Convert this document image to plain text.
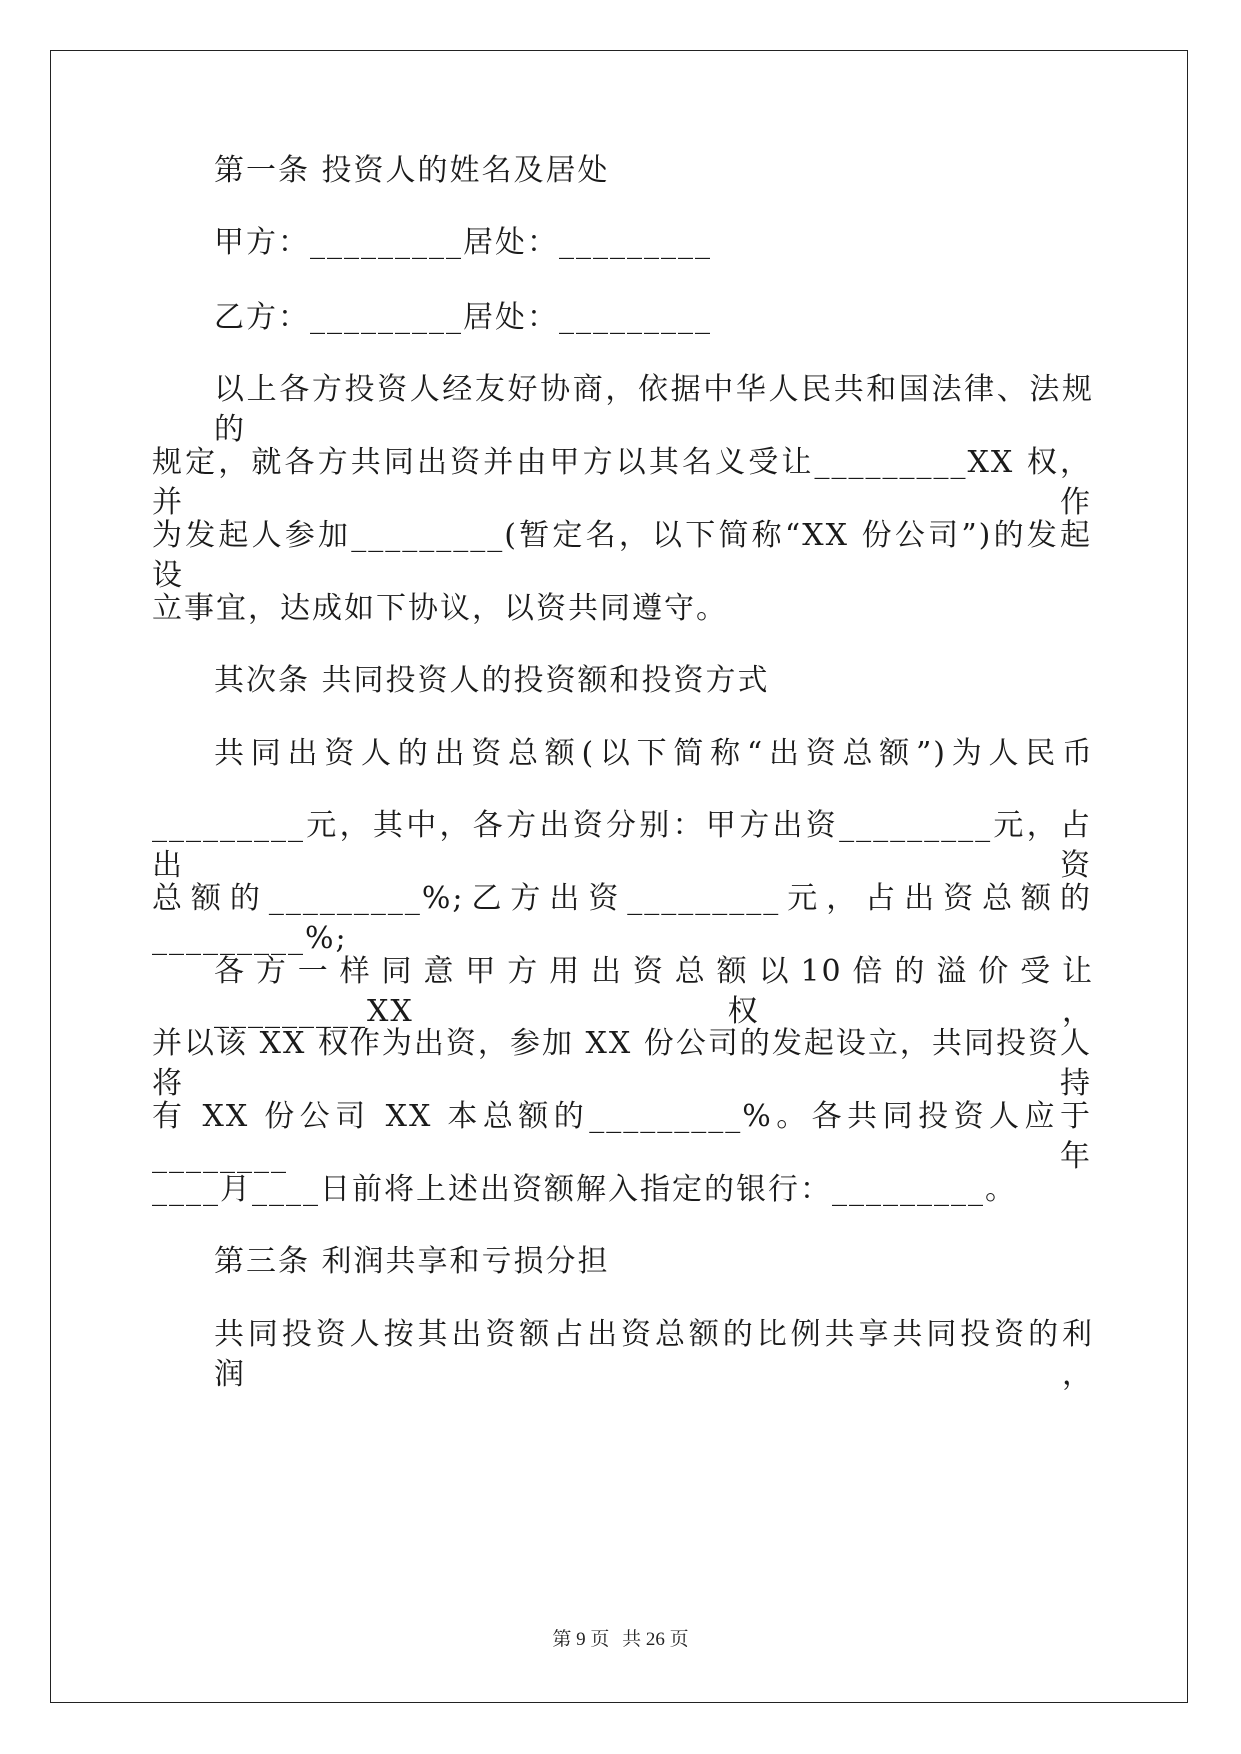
第一条 投资人的姓名及居处
甲方：_________居处：_________
乙方：_________居处：_________
以上各方投资人经友好协商，依据中华人民共和国法律、法规的
规定，就各方共同出资并由甲方以其名义受让_________XX 权，并作
为发起人参加_________(暂定名，以下简称“XX 份公司”)的发起设
立事宜，达成如下协议，以资共同遵守。
其次条 共同投资人的投资额和投资方式
共同出资人的出资总额(以下简称“出资总额”)为人民币
_________元，其中，各方出资分别：甲方出资_________元，占出资
总额的_________%;乙方出资_________元，占出资总额的_________%;
各方一样同意甲方用出资总额以10倍的溢价受让_________XX 权，
并以该 XX 权作为出资，参加 XX 份公司的发起设立，共同投资人将持
有 XX 份公司 XX 本总额的_________%。各共同投资人应于________年
____月____日前将上述出资额解入指定的银行：_________。
第三条 利润共享和亏损分担
共同投资人按其出资额占出资总额的比例共享共同投资的利润，
第 9 页 共 26 页
